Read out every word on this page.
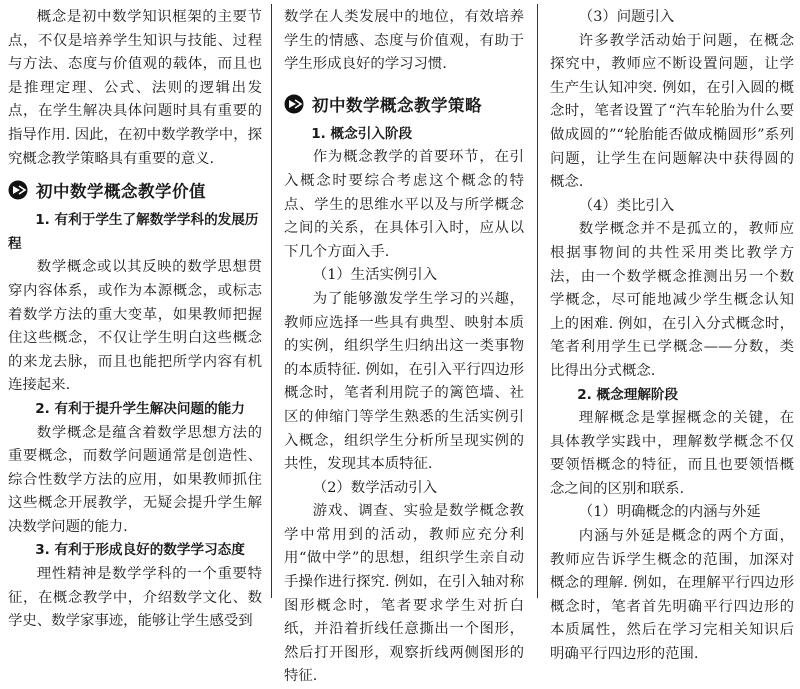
概念是初中数学知识框架的主要节点，不仅是培养学生知识与技能、过程与方法、态度与价值观的载体，而且也是推理定理、公式、法则的逻辑出发点，在学生解决具体问题时具有重要的指导作用. 因此，在初中数学教学中，探究概念教学策略具有重要的意义.

初中数学概念教学价值
1. 有利于学生了解数学学科的发展历程

数学概念或以其反映的数学思想贯穿内容体系，或作为本源概念，或标志着数学方法的重大变革，如果教师把握住这些概念，不仅让学生明白这些概念的来龙去脉，而且也能把所学内容有机连接起来.

2. 有利于提升学生解决问题的能力

数学概念是蕴含着数学思想方法的重要概念，而数学问题通常是创造性、综合性数学方法的应用，如果教师抓住这些概念开展教学，无疑会提升学生解决数学问题的能力.

3. 有利于形成良好的数学学习态度

理性精神是数学学科的一个重要特征，在概念教学中，介绍数学文化、数学史、数学家事迹，能够让学生感受到

数学在人类发展中的地位，有效培养学生的情感、态度与价值观，有助于学生形成良好的学习习惯.

初中数学概念教学策略
1. 概念引入阶段

作为概念教学的首要环节，在引入概念时要综合考虑这个概念的特点、学生的思维水平以及与所学概念之间的关系，在具体引入时，应从以下几个方面入手.

（1）生活实例引入

为了能够激发学生学习的兴趣，教师应选择一些具有典型、映射本质的实例，组织学生归纳出这一类事物的本质特征. 例如，在引入平行四边形概念时，笔者利用院子的篱笆墙、社区的伸缩门等学生熟悉的生活实例引入概念，组织学生分析所呈现实例的共性，发现其本质特征.

（2）数学活动引入

游戏、调查、实验是数学概念教学中常用到的活动，教师应充分利用“做中学”的思想，组织学生亲自动手操作进行探究. 例如，在引入轴对称图形概念时，笔者要求学生对折白纸，并沿着折线任意撕出一个图形，然后打开图形，观察折线两侧图形的特征.

（3）问题引入

许多教学活动始于问题，在概念探究中，教师应不断设置问题，让学生产生认知冲突. 例如，在引入圆的概念时，笔者设置了“汽车轮胎为什么要做成圆的”“轮胎能否做成椭圆形”系列问题，让学生在问题解决中获得圆的概念.

（4）类比引入

数学概念并不是孤立的，教师应根据事物间的共性采用类比教学方法，由一个数学概念推测出另一个数学概念，尽可能地减少学生概念认知上的困难. 例如，在引入分式概念时，笔者利用学生已学概念——分数，类比得出分式概念.

2. 概念理解阶段

理解概念是掌握概念的关键，在具体教学实践中，理解数学概念不仅要领悟概念的特征，而且也要领悟概念之间的区别和联系.

（1）明确概念的内涵与外延

内涵与外延是概念的两个方面，教师应告诉学生概念的范围，加深对概念的理解. 例如，在理解平行四边形概念时，笔者首先明确平行四边形的本质属性，然后在学习完相关知识后明确平行四边形的范围.
